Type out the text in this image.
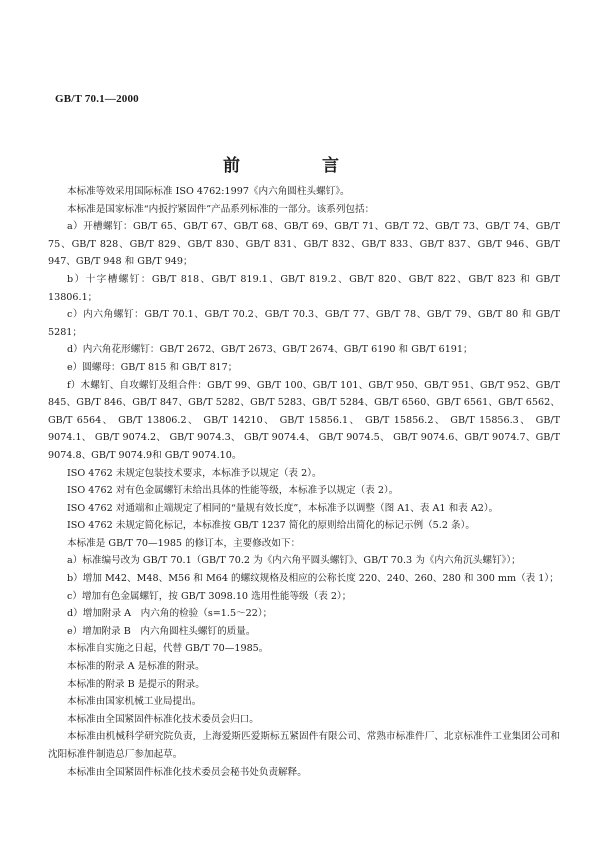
GB/T 70.1—2000
前 言

本标准等效采用国际标准 ISO 4762:1997《内六角圆柱头螺钉》。

本标准是国家标准“内扳拧紧固件”产品系列标准的一部分。该系列包括：

a）开槽螺钉：GB/T 65、GB/T 67、GB/T 68、GB/T 69、GB/T 71、GB/T 72、GB/T 73、GB/T 74、GB/T 75、GB/T 828、GB/T 829、GB/T 830、GB/T 831、GB/T 832、GB/T 833、GB/T 837、GB/T 946、GB/T 947、GB/T 948 和 GB/T 949；

b）十字槽螺钉：GB/T 818、GB/T 819.1、GB/T 819.2、GB/T 820、GB/T 822、GB/T 823 和 GB/T 13806.1；

c）内六角螺钉：GB/T 70.1、GB/T 70.2、GB/T 70.3、GB/T 77、GB/T 78、GB/T 79、GB/T 80 和 GB/T 5281；

d）内六角花形螺钉：GB/T 2672、GB/T 2673、GB/T 2674、GB/T 6190 和 GB/T 6191；

e）圆螺母：GB/T 815 和 GB/T 817；

f）木螺钉、自攻螺钉及组合件：GB/T 99、GB/T 100、GB/T 101、GB/T 950、GB/T 951、GB/T 952、GB/T 845、GB/T 846、GB/T 847、GB/T 5282、GB/T 5283、GB/T 5284、GB/T 6560、GB/T 6561、GB/T 6562、 GB/T 6564、 GB/T 13806.2、 GB/T 14210、 GB/T 15856.1、 GB/T 15856.2、 GB/T 15856.3、 GB/T 9074.1、 GB/T 9074.2、 GB/T 9074.3、 GB/T 9074.4、 GB/T 9074.5、 GB/T 9074.6、GB/T 9074.7、GB/T 9074.8、GB/T 9074.9和 GB/T 9074.10。

ISO 4762 未规定包装技术要求，本标准予以规定（表 2）。

ISO 4762 对有色金属螺钉未给出具体的性能等级，本标准予以规定（表 2）。

ISO 4762 对通端和止端规定了相同的“量规有效长度”，本标准予以调整（图 A1、表 A1 和表 A2）。

ISO 4762 未规定简化标记，本标准按 GB/T 1237 简化的原则给出简化的标记示例（5.2 条）。

本标准是 GB/T 70—1985 的修订本，主要修改如下：

a）标准编号改为 GB/T 70.1（GB/T 70.2 为《内六角平圆头螺钉》、GB/T 70.3 为《内六角沉头螺钉》）；

b）增加 M42、M48、M56 和 M64 的螺纹规格及相应的公称长度 220、240、260、280 和 300 mm（表 1）；

c）增加有色金属螺钉，按 GB/T 3098.10 选用性能等级（表 2）；

d）增加附录 A　内六角的检验（s=1.5～22）；

e）增加附录 B　内六角圆柱头螺钉的质量。

本标准自实施之日起，代替 GB/T 70—1985。

本标准的附录 A 是标准的附录。

本标准的附录 B 是提示的附录。

本标准由国家机械工业局提出。

本标准由全国紧固件标准化技术委员会归口。

本标准由机械科学研究院负责，上海爱斯匹爱斯标五紧固件有限公司、常熟市标准件厂、北京标准件工业集团公司和沈阳标准件制造总厂参加起草。

本标准由全国紧固件标准化技术委员会秘书处负责解释。
